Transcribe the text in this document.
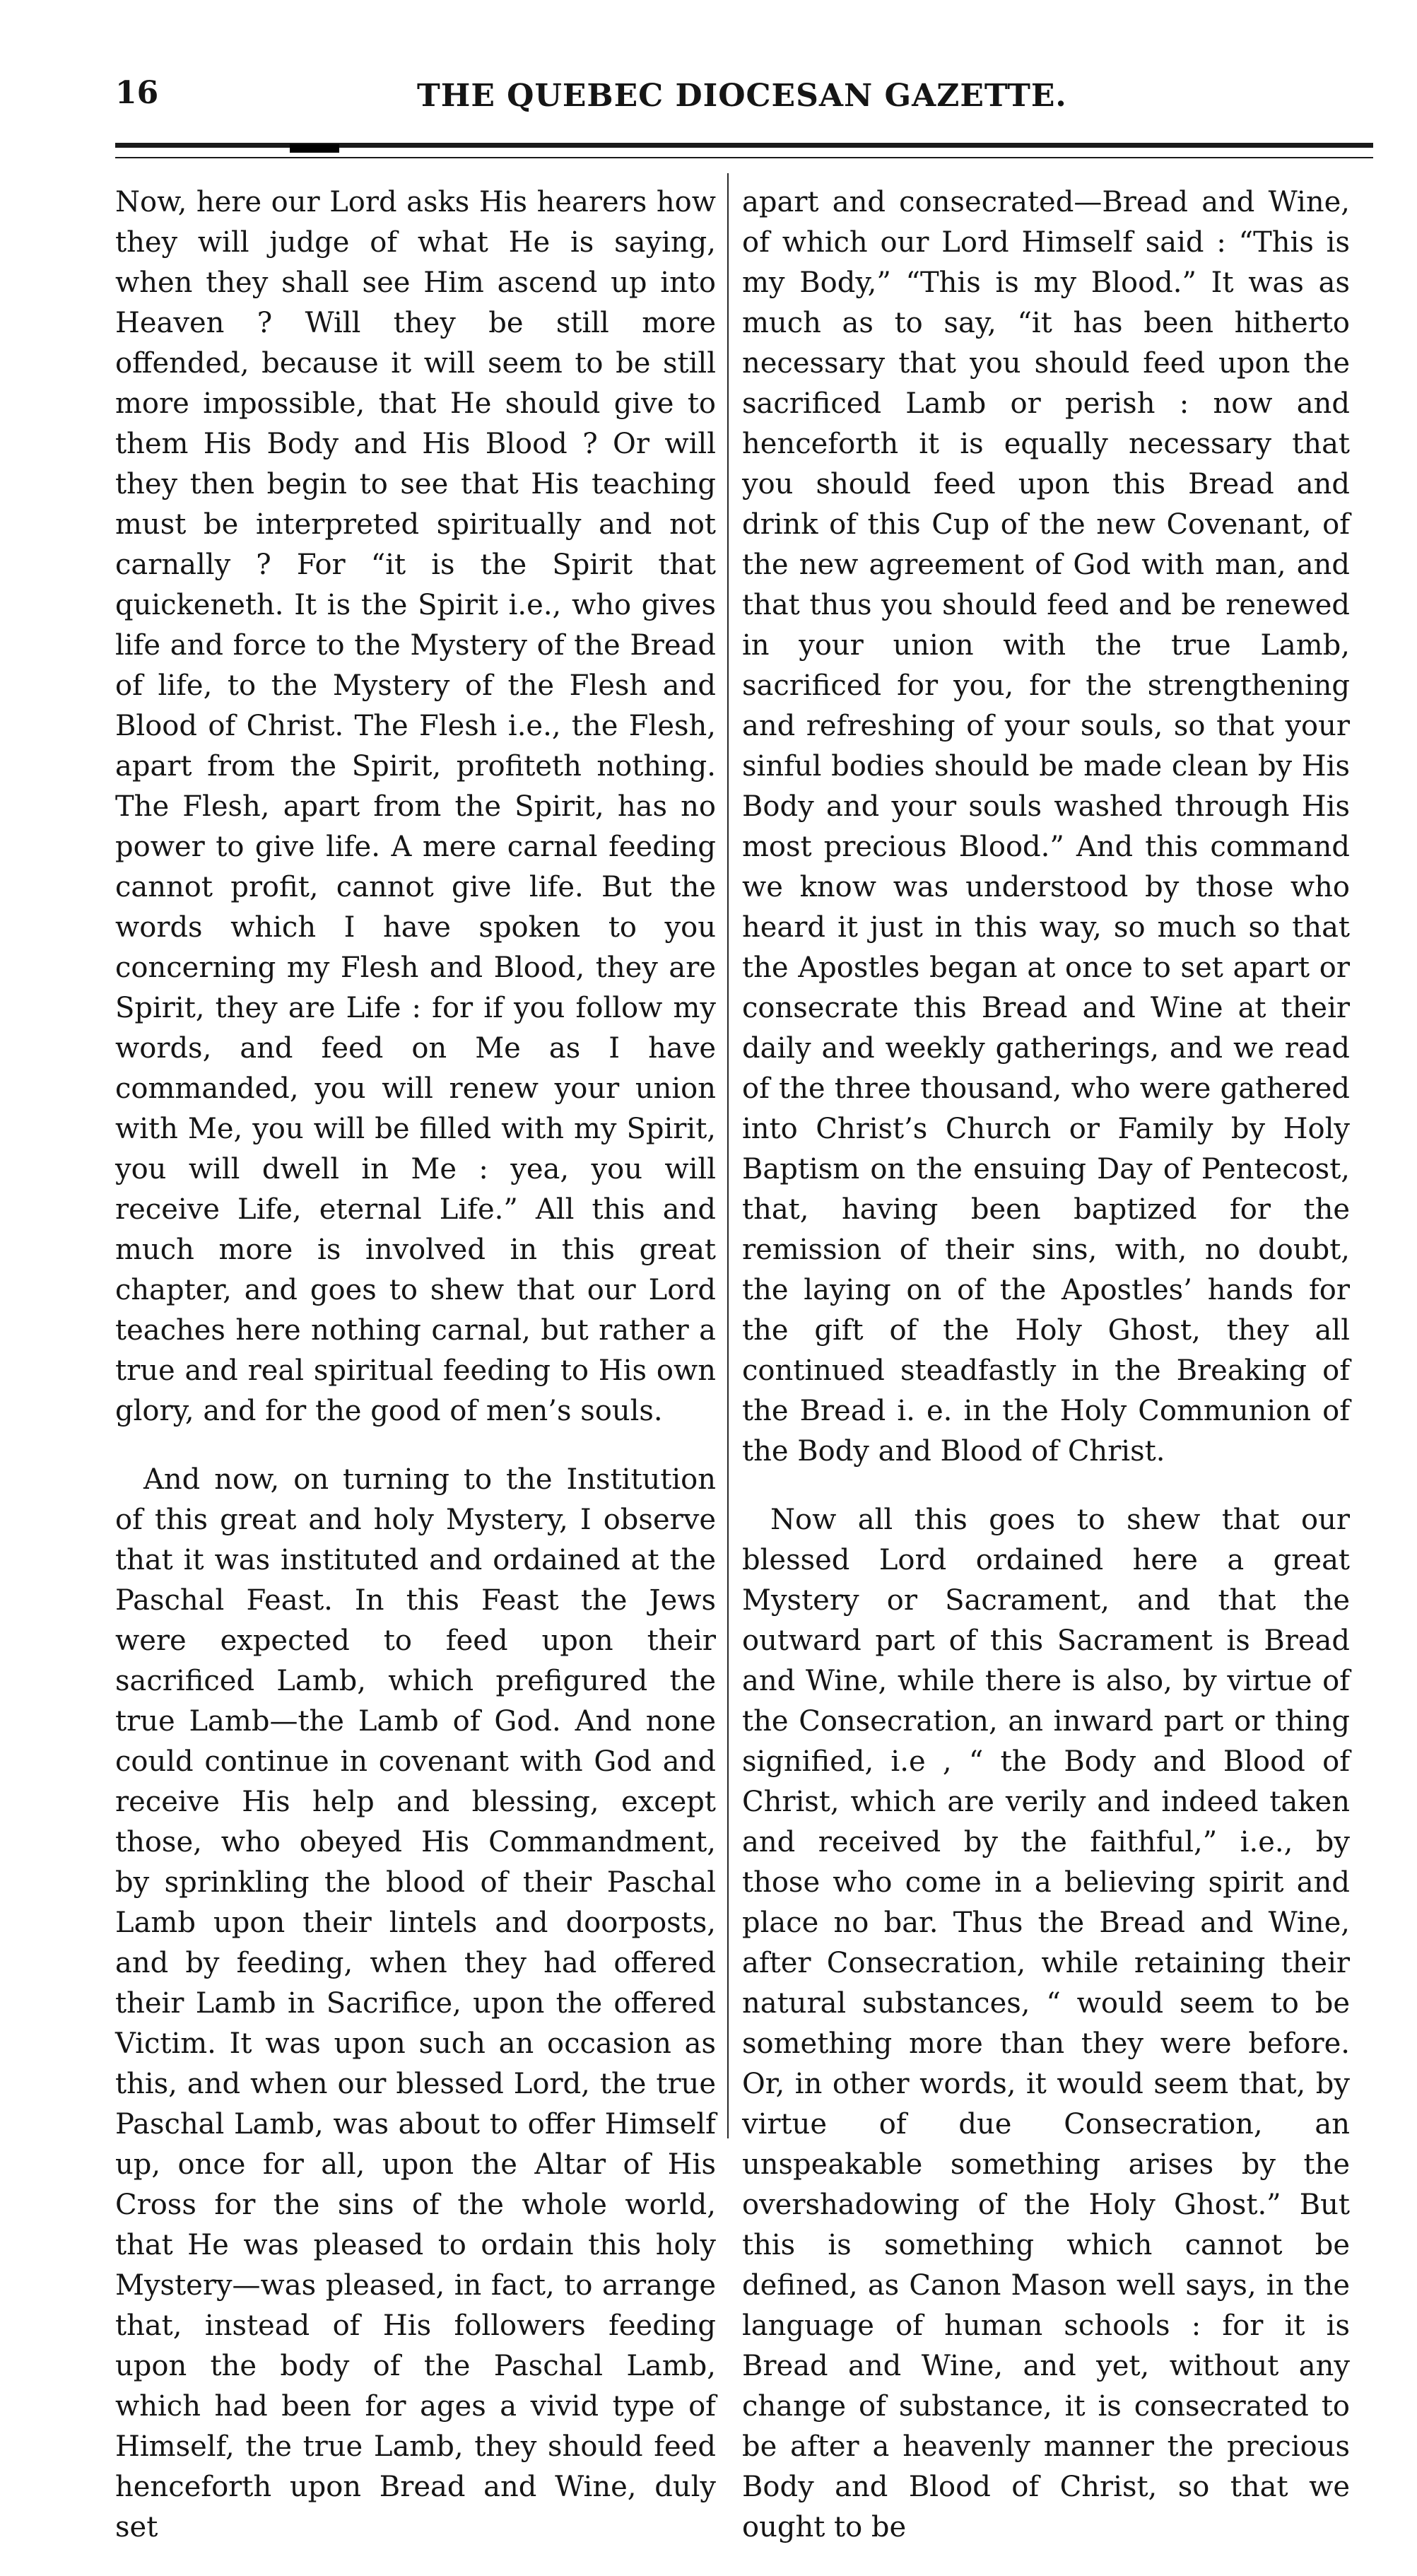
16	THE QUEBEC DIOCESAN GAZETTE.

Now, here our Lord asks His hearers how they will judge of what He is saying, when they shall see Him ascend up into Heaven ? Will they be still more offended, because it will seem to be still more impossible, that He should give to them His Body and His Blood ? Or will they then begin to see that His teaching must be interpreted spiritually and not carnally ? For “it is the Spirit that quickeneth. It is the Spirit i.e., who gives life and force to the Mystery of the Bread of life, to the Mystery of the Flesh and Blood of Christ. The Flesh i.e., the Flesh, apart from the Spirit, profiteth nothing. The Flesh, apart from the Spirit, has no power to give life. A mere carnal feeding cannot profit, cannot give life. But the words which I have spoken to you concerning my Flesh and Blood, they are Spirit, they are Life : for if you follow my words, and feed on Me as I have commanded, you will renew your union with Me, you will be filled with my Spirit, you will dwell in Me : yea, you will receive Life, eternal Life.” All this and much more is involved in this great chapter, and goes to shew that our Lord teaches here nothing carnal, but rather a true and real spiritual feeding to His own glory, and for the good of men’s souls.

And now, on turning to the Institution of this great and holy Mystery, I observe that it was instituted and ordained at the Paschal Feast. In this Feast the Jews were expected to feed upon their sacrificed Lamb, which prefigured the true Lamb—the Lamb of God. And none could continue in covenant with God and receive His help and blessing, except those, who obeyed His Commandment, by sprinkling the blood of their Paschal Lamb upon their lintels and doorposts, and by feeding, when they had offered their Lamb in Sacrifice, upon the offered Victim. It was upon such an occasion as this, and when our blessed Lord, the true Paschal Lamb, was about to offer Himself up, once for all, upon the Altar of His Cross for the sins of the whole world, that He was pleased to ordain this holy Mystery—was pleased, in fact, to arrange that, instead of His followers feeding upon the body of the Paschal Lamb, which had been for ages a vivid type of Himself, the true Lamb, they should feed henceforth upon Bread and Wine, duly set

apart and consecrated—Bread and Wine, of which our Lord Himself said : “This is my Body,” “This is my Blood.” It was as much as to say, “it has been hitherto necessary that you should feed upon the sacrificed Lamb or perish : now and henceforth it is equally necessary that you should feed upon this Bread and drink of this Cup of the new Covenant, of the new agreement of God with man, and that thus you should feed and be renewed in your union with the true Lamb, sacrificed for you, for the strengthening and refreshing of your souls, so that your sinful bodies should be made clean by His Body and your souls washed through His most precious Blood.” And this command we know was understood by those who heard it just in this way, so much so that the Apostles began at once to set apart or consecrate this Bread and Wine at their daily and weekly gatherings, and we read of the three thousand, who were gathered into Christ’s Church or Family by Holy Baptism on the ensuing Day of Pentecost, that, having been baptized for the remission of their sins, with, no doubt, the laying on of the Apostles’ hands for the gift of the Holy Ghost, they all continued steadfastly in the Breaking of the Bread i. e. in the Holy Communion of the Body and Blood of Christ.

Now all this goes to shew that our blessed Lord ordained here a great Mystery or Sacrament, and that the outward part of this Sacrament is Bread and Wine, while there is also, by virtue of the Consecration, an inward part or thing signified, i.e , “ the Body and Blood of Christ, which are verily and indeed taken and received by the faithful,” i.e., by those who come in a believing spirit and place no bar. Thus the Bread and Wine, after Consecration, while retaining their natural substances, “ would seem to be something more than they were before. Or, in other words, it would seem that, by virtue of due Consecration, an unspeakable something arises by the overshadowing of the Holy Ghost.” But this is something which cannot be defined, as Canon Mason well says, in the language of human schools : for it is Bread and Wine, and yet, without any change of substance, it is consecrated to be after a heavenly manner the precious Body and Blood of Christ, so that we ought to be
